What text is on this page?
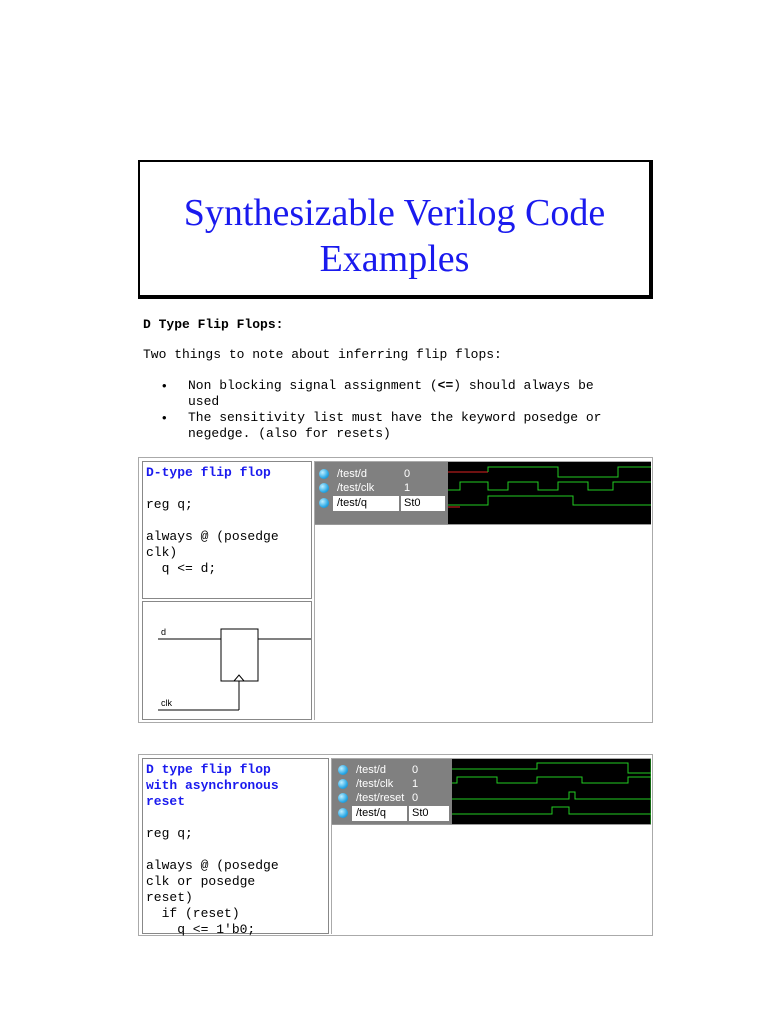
Synthesizable Verilog Code Examples
D Type Flip Flops:
Two things to note about inferring flip flops:
• Non blocking signal assignment (<=) should always be
used
• The sensitivity list must have the keyword posedge or negedge. (also for resets)
D-type flip flop
reg q;

always @ (posedge
clk)
q <= d;
d
clk
/test/d	0
/test/clk	1
/test/q	St0
D type flip flop
with asynchronous
reset
reg q;

always @ (posedge
clk or posedge
reset)
if (reset)
q <= 1'b0;
/test/d	0
/test/clk	1
/test/reset 0
/test/q	St0
